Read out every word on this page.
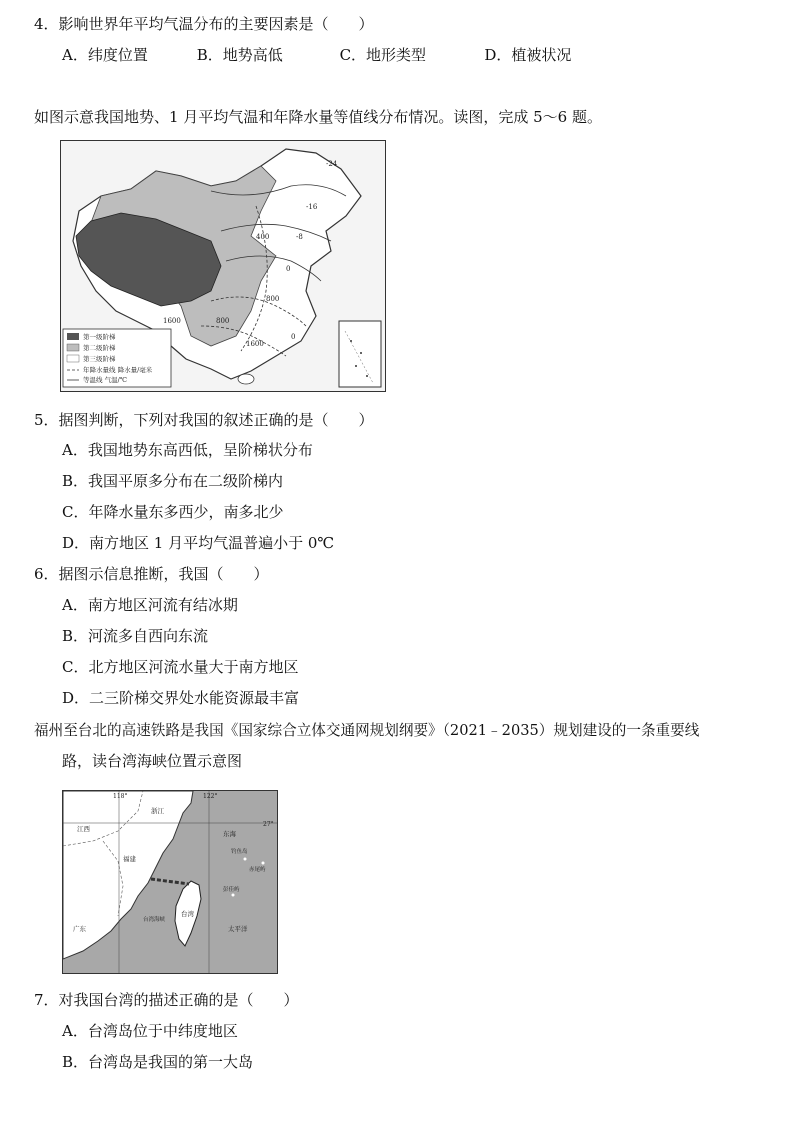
4．影响世界年平均气温分布的主要因素是（　　）
A．纬度位置	B．地势高低	C．地形类型	D．植被状况
如图示意我国地势、1 月平均气温和年降水量等值线分布情况。读图，完成 5～6 题。
-24
-16
-8
0
400
800
1600
800
1600
0
第一级阶梯
第二级阶梯
第三级阶梯
年降水量线 降水量/毫米
等温线 气温/℃
5．据图判断，下列对我国的叙述正确的是（　　）
A．我国地势东高西低，呈阶梯状分布
B．我国平原多分布在二级阶梯内
C．年降水量东多西少，南多北少
D．南方地区 1 月平均气温普遍小于 0℃
6．据图示信息推断，我国（　　）
A．南方地区河流有结冰期
B．河流多自西向东流
C．北方地区河流水量大于南方地区
D．二三阶梯交界处水能资源最丰富
福州至台北的高速铁路是我国《国家综合立体交通网规划纲要》（2021﹣2035）规划建设的一条重要线
路，读台湾海峡位置示意图
118°	122°
27°
浙江
江西
福建
广东
台湾
台湾海峡
钓鱼岛
赤尾屿
彭佳屿
东海
太平洋
7．对我国台湾的描述正确的是（　　）
A．台湾岛位于中纬度地区
B．台湾岛是我国的第一大岛
